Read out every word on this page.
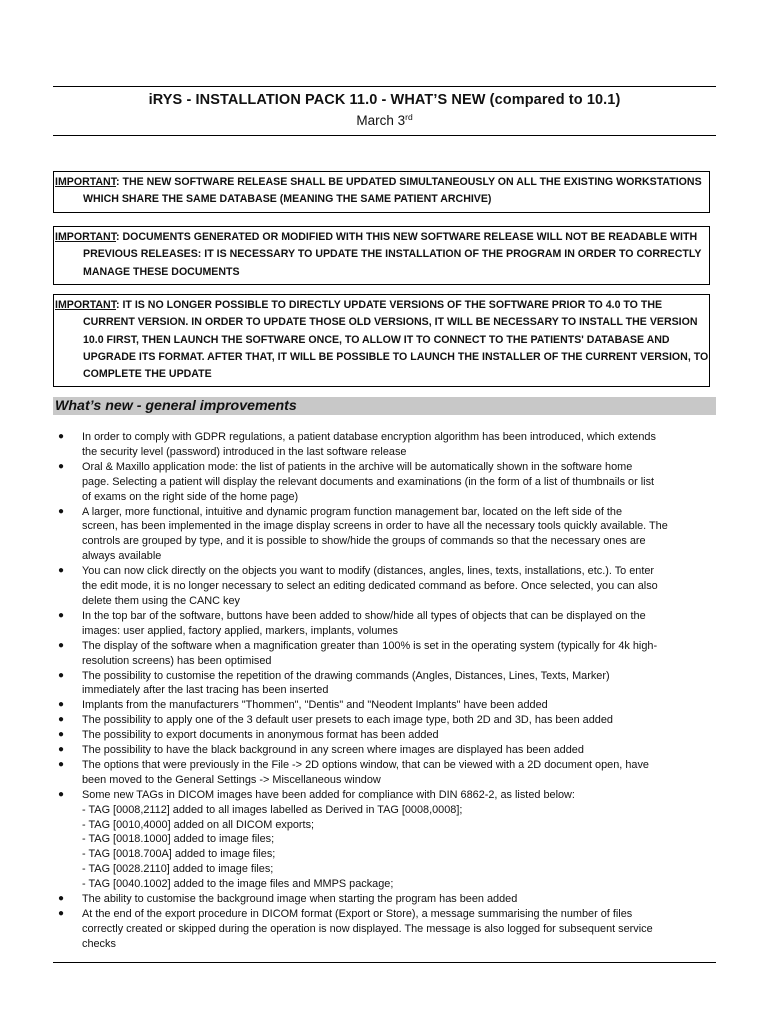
iRYS - INSTALLATION PACK 11.0 - WHAT’S NEW (compared to 10.1)
March 3rd
IMPORTANT: THE NEW SOFTWARE RELEASE SHALL BE UPDATED SIMULTANEOUSLY ON ALL THE EXISTING WORKSTATIONS
WHICH SHARE THE SAME DATABASE (MEANING THE SAME PATIENT ARCHIVE)
IMPORTANT: DOCUMENTS GENERATED OR MODIFIED WITH THIS NEW SOFTWARE RELEASE WILL NOT BE READABLE WITH
PREVIOUS RELEASES: IT IS NECESSARY TO UPDATE THE INSTALLATION OF THE PROGRAM IN ORDER TO CORRECTLY
MANAGE THESE DOCUMENTS
IMPORTANT: IT IS NO LONGER POSSIBLE TO DIRECTLY UPDATE VERSIONS OF THE SOFTWARE PRIOR TO 4.0 TO THE
CURRENT VERSION. IN ORDER TO UPDATE THOSE OLD VERSIONS, IT WILL BE NECESSARY TO INSTALL THE VERSION
10.0 FIRST, THEN LAUNCH THE SOFTWARE ONCE, TO ALLOW IT TO CONNECT TO THE PATIENTS' DATABASE AND
UPGRADE ITS FORMAT. AFTER THAT, IT WILL BE POSSIBLE TO LAUNCH THE INSTALLER OF THE CURRENT VERSION, TO
COMPLETE THE UPDATE
What’s new - general improvements
● In order to comply with GDPR regulations, a patient database encryption algorithm has been introduced, which extends
the security level (password) introduced in the last software release
● Oral & Maxillo application mode: the list of patients in the archive will be automatically shown in the software home
page. Selecting a patient will display the relevant documents and examinations (in the form of a list of thumbnails or list
of exams on the right side of the home page)
● A larger, more functional, intuitive and dynamic program function management bar, located on the left side of the
screen, has been implemented in the image display screens in order to have all the necessary tools quickly available. The
controls are grouped by type, and it is possible to show/hide the groups of commands so that the necessary ones are
always available
● You can now click directly on the objects you want to modify (distances, angles, lines, texts, installations, etc.). To enter
the edit mode, it is no longer necessary to select an editing dedicated command as before. Once selected, you can also
delete them using the CANC key
● In the top bar of the software, buttons have been added to show/hide all types of objects that can be displayed on the
images: user applied, factory applied, markers, implants, volumes
● The display of the software when a magnification greater than 100% is set in the operating system (typically for 4k high-
resolution screens) has been optimised
● The possibility to customise the repetition of the drawing commands (Angles, Distances, Lines, Texts, Marker)
immediately after the last tracing has been inserted
● Implants from the manufacturers "Thommen", "Dentis" and "Neodent Implants" have been added
● The possibility to apply one of the 3 default user presets to each image type, both 2D and 3D, has been added
● The possibility to export documents in anonymous format has been added
● The possibility to have the black background in any screen where images are displayed has been added
● The options that were previously in the File -> 2D options window, that can be viewed with a 2D document open, have
been moved to the General Settings -> Miscellaneous window
● Some new TAGs in DICOM images have been added for compliance with DIN 6862-2, as listed below:
- TAG [0008,2112] added to all images labelled as Derived in TAG [0008,0008];
- TAG [0010,4000] added on all DICOM exports;
- TAG [0018.1000] added to image files;
- TAG [0018.700A] added to image files;
- TAG [0028.2110] added to image files;
- TAG [0040.1002] added to the image files and MMPS package;
● The ability to customise the background image when starting the program has been added
● At the end of the export procedure in DICOM format (Export or Store), a message summarising the number of files
correctly created or skipped during the operation is now displayed. The message is also logged for subsequent service
checks
